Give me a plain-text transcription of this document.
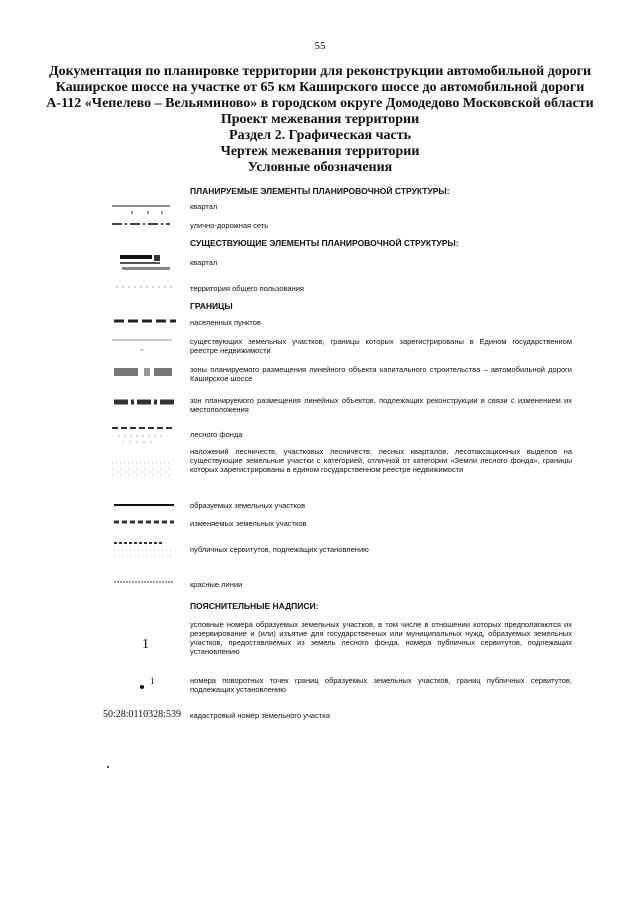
55
Документация по планировке территории для реконструкции автомобильной дороги
Каширское шоссе на участке от 65 км Каширского шоссе до автомобильной дороги
А-112 «Чепелево – Вельяминово» в городском округе Домодедово Московской области
Проект межевания территории
Раздел 2. Графическая часть
Чертеж межевания территории
Условные обозначения
ПЛАНИРУЕМЫЕ ЭЛЕМЕНТЫ ПЛАНИРОВОЧНОЙ СТРУКТУРЫ:
квартал
улично-дорожная сеть
СУЩЕСТВУЮЩИЕ ЭЛЕМЕНТЫ ПЛАНИРОВОЧНОЙ СТРУКТУРЫ:
квартал
территория общего пользования
ГРАНИЦЫ
населенных пунктов
существующих земельных участков, границы которых зарегистрированы в Едином государственном реестре недвижимости
зоны планируемого размещения линейного объекта капитального строительства – автомобильной дороги Каширское шоссе
зон планируемого размещения линейных объектов, подлежащих реконструкции в связи с изменением их местоположения
лесного фонда
наложений лесничеств, участковых лесничеств, лесных кварталов, лесотаксационных выделов на существующие земельные участки с категорией, отличной от категории «Земли лесного фонда», границы которых зарегистрированы в едином государственном реестре недвижимости
образуемых земельных участков
изменяемых земельных участков
публичных сервитутов, подлежащих установлению
красные линии
ПОЯСНИТЕЛЬНЫЕ НАДПИСИ:
1
условные номера образуемых земельных участков, в том числе в отношении которых предполагаются их резервирование и (или) изъятие для государственных или муниципальных нужд, образуемых земельных участков, предоставляемых из земель лесного фонда, номера публичных сервитутов, подлежащих установлению
1	номера поворотных точек границ образуемых земельных участков, границ публичных сервитутов, подлежащих установлению
50:28:0110328:539 кадастровый номер земельного участка
